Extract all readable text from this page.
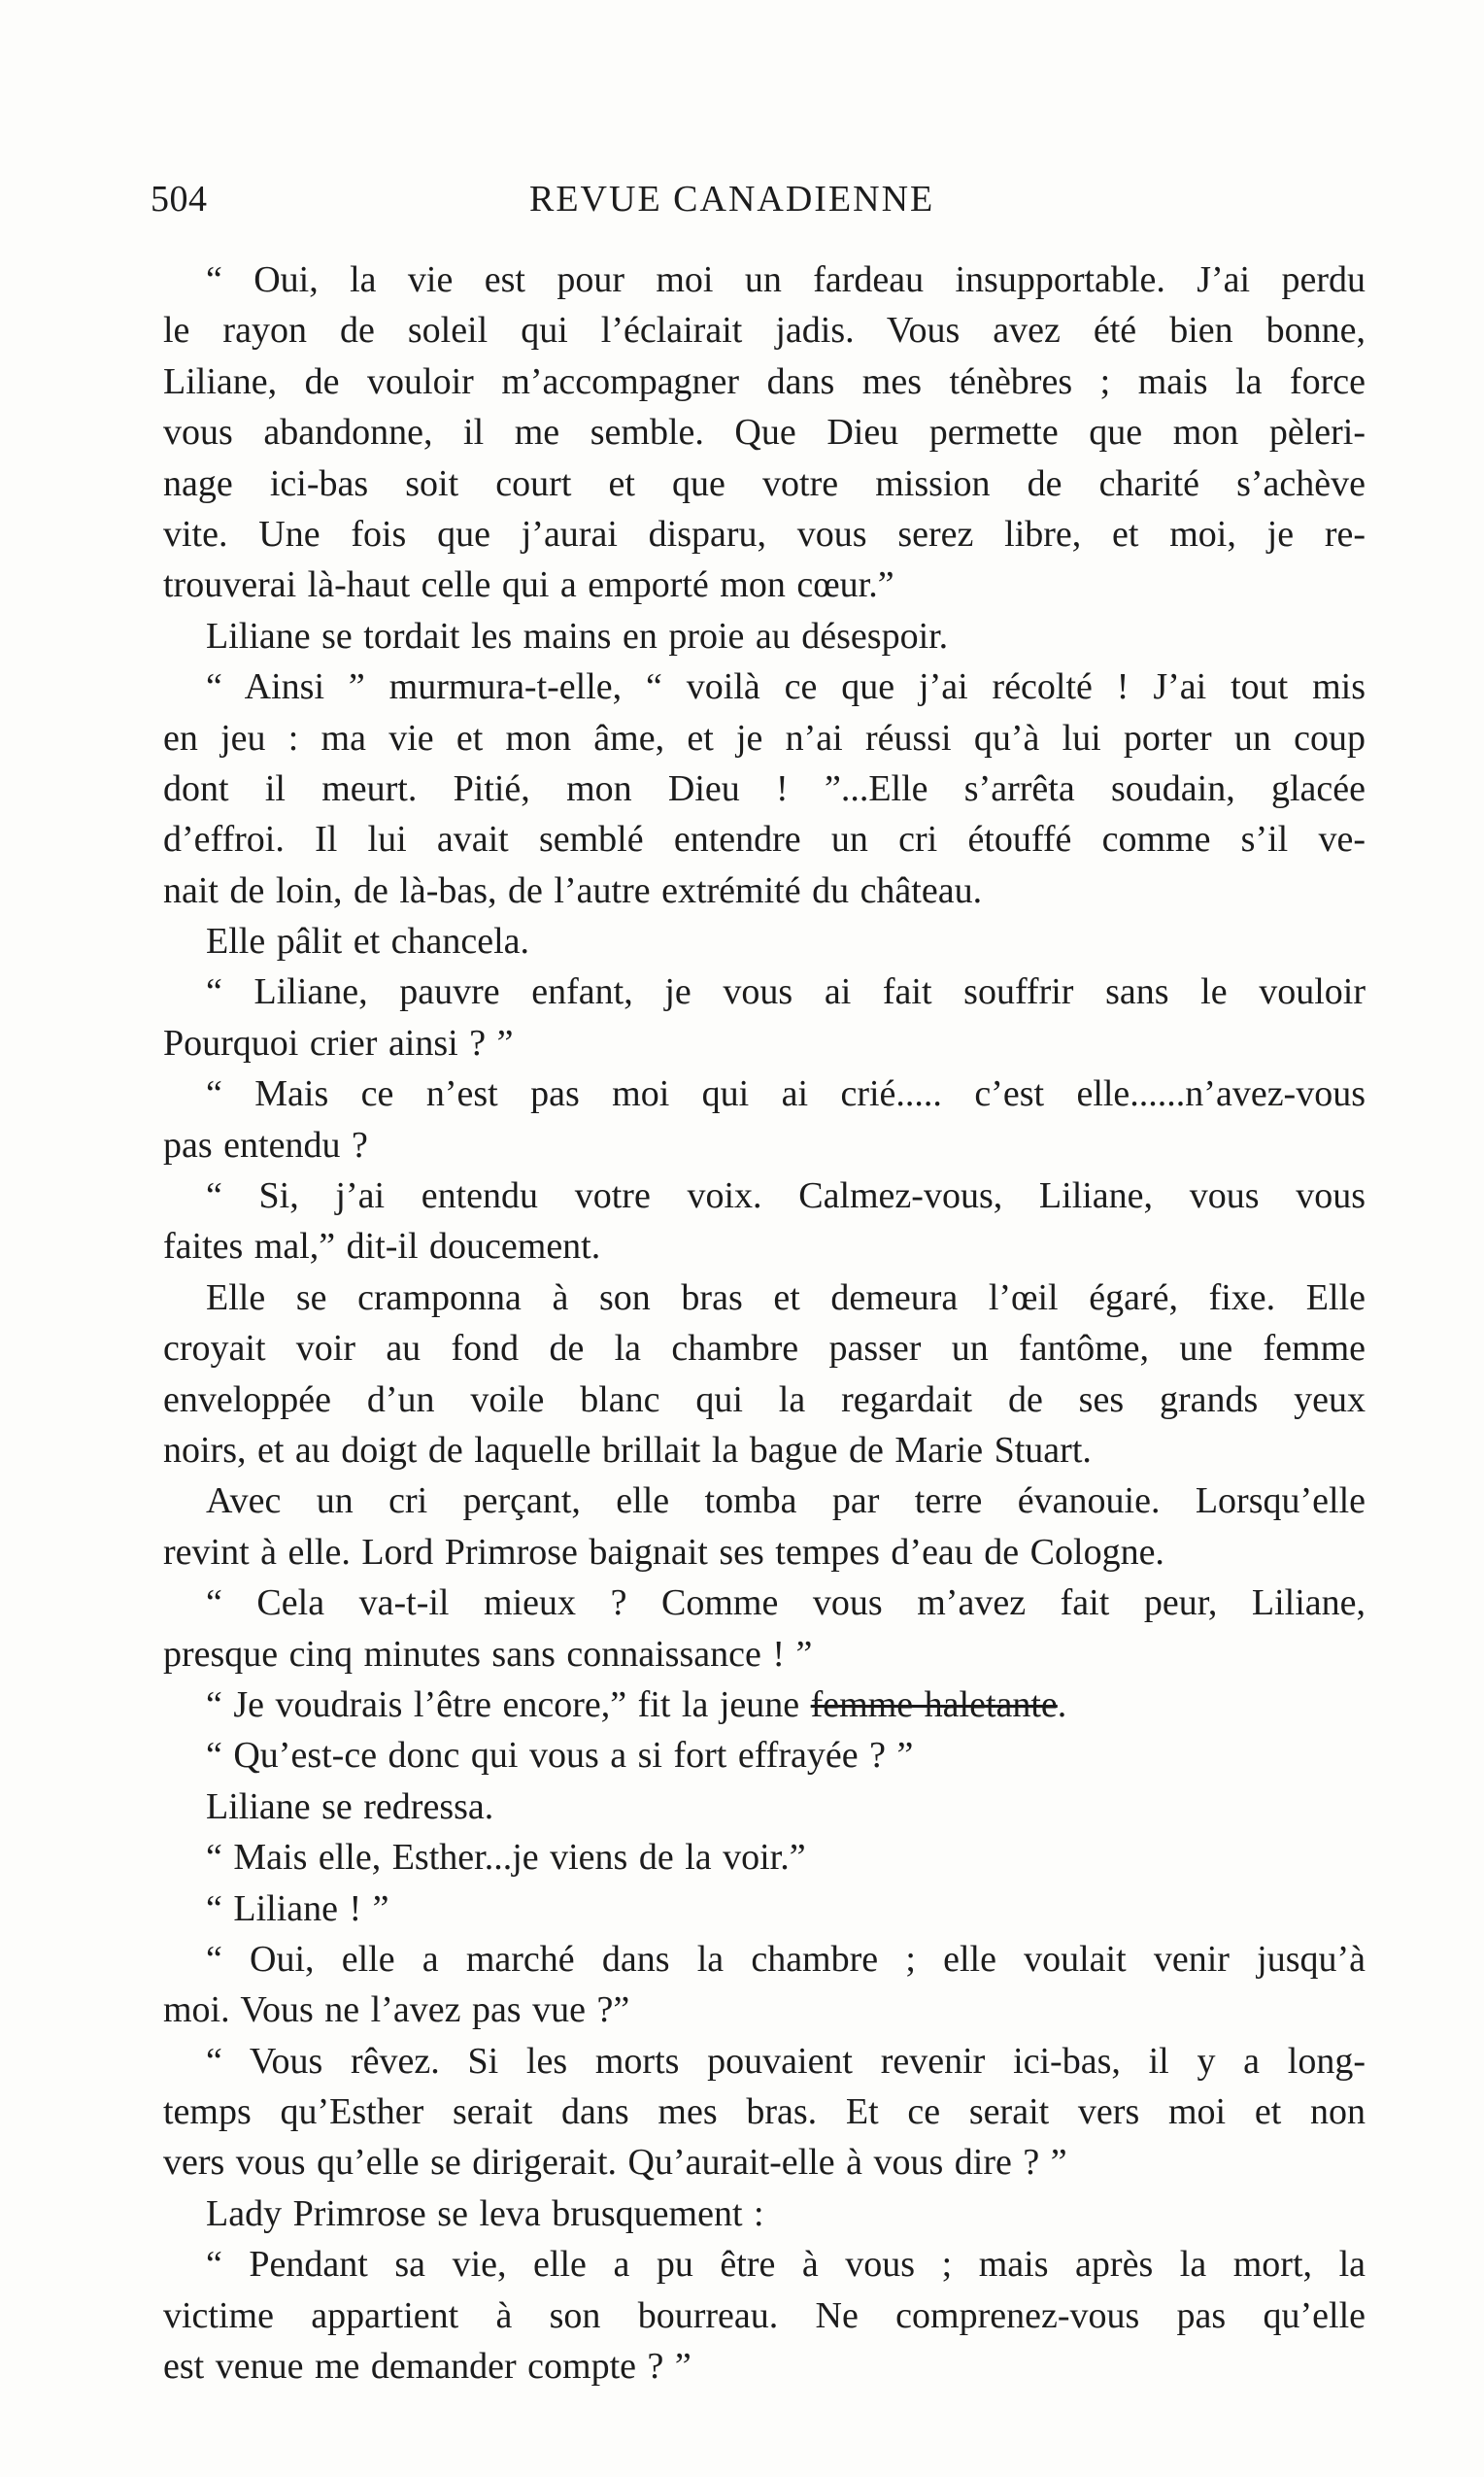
504	REVUE CANADIENNE
“ Oui, la vie est pour moi un fardeau insupportable. J’ai perdu
le rayon de soleil qui l’éclairait jadis. Vous avez été bien bonne,
Liliane, de vouloir m’accompagner dans mes ténèbres ; mais la force
vous abandonne, il me semble. Que Dieu permette que mon pèleri-
nage ici-bas soit court et que votre mission de charité s’achève
vite. Une fois que j’aurai disparu, vous serez libre, et moi, je re-
trouverai là-haut celle qui a emporté mon cœur.”
Liliane se tordait les mains en proie au désespoir.
“ Ainsi ” murmura-t-elle, “ voilà ce que j’ai récolté ! J’ai tout mis
en jeu : ma vie et mon âme, et je n’ai réussi qu’à lui porter un coup
dont il meurt. Pitié, mon Dieu ! ”...Elle s’arrêta soudain, glacée
d’effroi. Il lui avait semblé entendre un cri étouffé comme s’il ve-
nait de loin, de là-bas, de l’autre extrémité du château.
Elle pâlit et chancela.
“ Liliane, pauvre enfant, je vous ai fait souffrir sans le vouloir
Pourquoi crier ainsi ? ”
“ Mais ce n’est pas moi qui ai crié..... c’est elle......n’avez-vous
pas entendu ?
“ Si, j’ai entendu votre voix. Calmez-vous, Liliane, vous vous
faites mal,” dit-il doucement.
Elle se cramponna à son bras et demeura l’œil égaré, fixe. Elle
croyait voir au fond de la chambre passer un fantôme, une femme
enveloppée d’un voile blanc qui la regardait de ses grands yeux
noirs, et au doigt de laquelle brillait la bague de Marie Stuart.
Avec un cri perçant, elle tomba par terre évanouie. Lorsqu’elle
revint à elle. Lord Primrose baignait ses tempes d’eau de Cologne.
“ Cela va-t-il mieux ? Comme vous m’avez fait peur, Liliane,
presque cinq minutes sans connaissance ! ”
“ Je voudrais l’être encore,” fit la jeune femme haletante.
“ Qu’est-ce donc qui vous a si fort effrayée ? ”
Liliane se redressa.
“ Mais elle, Esther...je viens de la voir.”
“ Liliane ! ”
“ Oui, elle a marché dans la chambre ; elle voulait venir jusqu’à
moi. Vous ne l’avez pas vue ?”
“ Vous rêvez. Si les morts pouvaient revenir ici-bas, il y a long-
temps qu’Esther serait dans mes bras. Et ce serait vers moi et non
vers vous qu’elle se dirigerait. Qu’aurait-elle à vous dire ? ”
Lady Primrose se leva brusquement :
“ Pendant sa vie, elle a pu être à vous ; mais après la mort, la
victime appartient à son bourreau. Ne comprenez-vous pas qu’elle
est venue me demander compte ? ”
